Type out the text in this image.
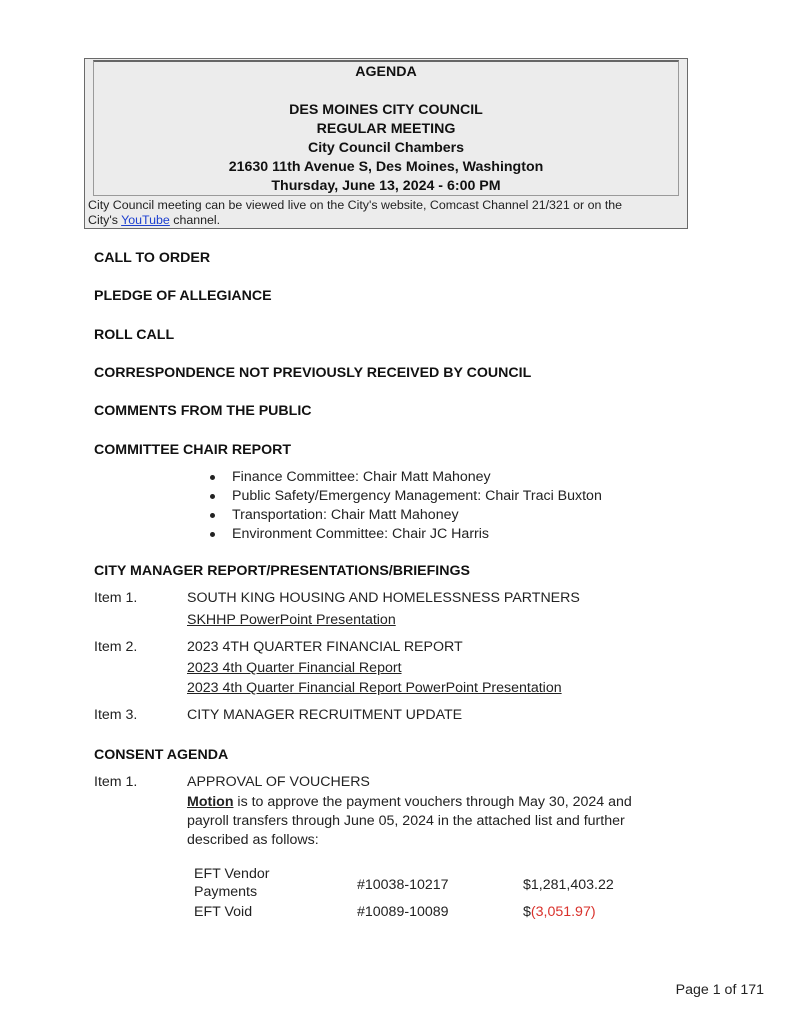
AGENDA
DES MOINES CITY COUNCIL
REGULAR MEETING
City Council Chambers
21630 11th Avenue S, Des Moines, Washington
Thursday, June 13, 2024 - 6:00 PM
City Council meeting can be viewed live on the City's website, Comcast Channel 21/321 or on the
City's YouTube channel.
CALL TO ORDER
PLEDGE OF ALLEGIANCE
ROLL CALL
CORRESPONDENCE NOT PREVIOUSLY RECEIVED BY COUNCIL
COMMENTS FROM THE PUBLIC
COMMITTEE CHAIR REPORT
Finance Committee: Chair Matt Mahoney
Public Safety/Emergency Management: Chair Traci Buxton
Transportation: Chair Matt Mahoney
Environment Committee: Chair JC Harris
CITY MANAGER REPORT/PRESENTATIONS/BRIEFINGS
Item 1.	SOUTH KING HOUSING AND HOMELESSNESS PARTNERS
SKHHP PowerPoint Presentation
Item 2.	2023 4TH QUARTER FINANCIAL REPORT
2023 4th Quarter Financial Report
2023 4th Quarter Financial Report PowerPoint Presentation
Item 3.	CITY MANAGER RECRUITMENT UPDATE
CONSENT AGENDA
Item 1.	APPROVAL OF VOUCHERS
Motion is to approve the payment vouchers through May 30, 2024 and
payroll transfers through June 05, 2024 in the attached list and further
described as follows:
EFT Vendor
Payments	#10038-10217	$1,281,403.22
EFT Void	#10089-10089	$(3,051.97)
Page 1 of 171
